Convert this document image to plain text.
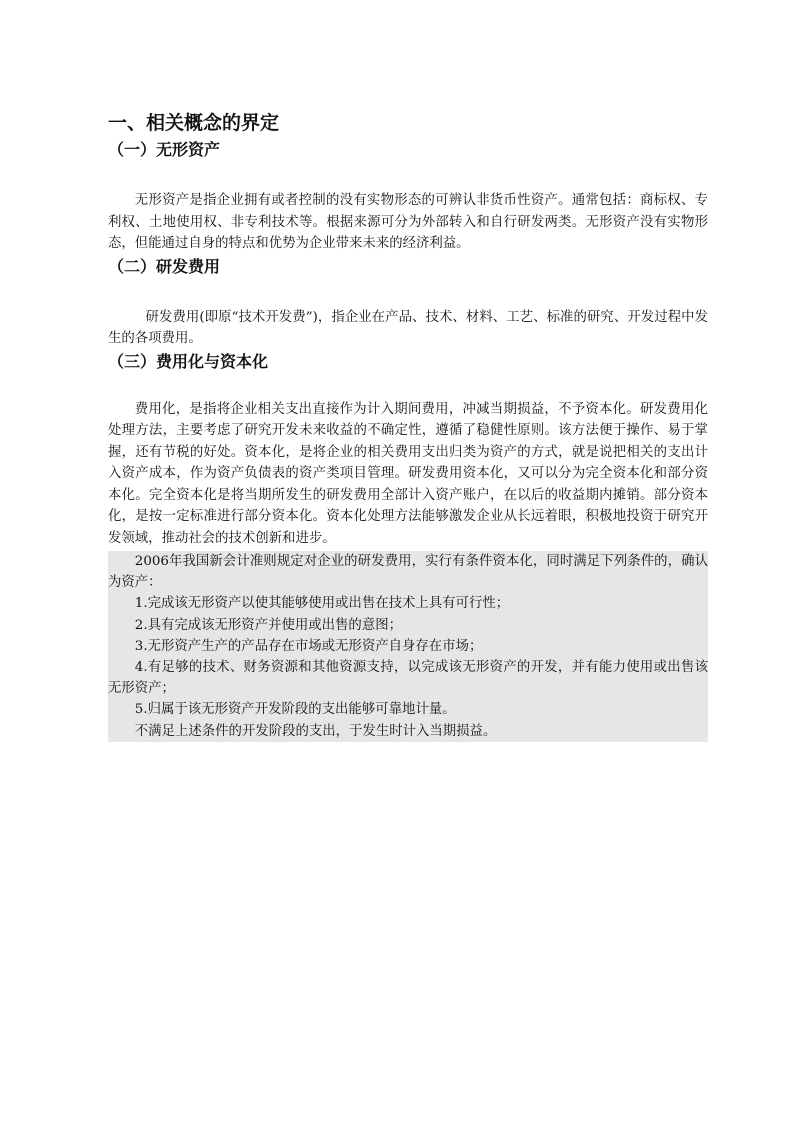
一、相关概念的界定
（一）无形资产

无形资产是指企业拥有或者控制的没有实物形态的可辨认非货币性资产。通常包括：商标权、专利权、土地使用权、非专利技术等。根据来源可分为外部转入和自行研发两类。无形资产没有实物形态，但能通过自身的特点和优势为企业带来未来的经济利益。

（二）研发费用

研发费用(即原“技术开发费”)，指企业在产品、技术、材料、工艺、标准的研究、开发过程中发生的各项费用。

（三）费用化与资本化

费用化，是指将企业相关支出直接作为计入期间费用，冲减当期损益，不予资本化。研发费用化处理方法，主要考虑了研究开发未来收益的不确定性，遵循了稳健性原则。该方法便于操作、易于掌握，还有节税的好处。资本化，是将企业的相关费用支出归类为资产的方式，就是说把相关的支出计入资产成本，作为资产负债表的资产类项目管理。研发费用资本化，又可以分为完全资本化和部分资本化。完全资本化是将当期所发生的研发费用全部计入资产账户，在以后的收益期内摊销。部分资本化，是按一定标准进行部分资本化。资本化处理方法能够激发企业从长远着眼，积极地投资于研究开发领域，推动社会的技术创新和进步。

2006年我国新会计准则规定对企业的研发费用，实行有条件资本化，同时满足下列条件的，确认为资产：

1.完成该无形资产以使其能够使用或出售在技术上具有可行性；

2.具有完成该无形资产并使用或出售的意图；

3.无形资产生产的产品存在市场或无形资产自身存在市场；

4.有足够的技术、财务资源和其他资源支持，以完成该无形资产的开发，并有能力使用或出售该无形资产；

5.归属于该无形资产开发阶段的支出能够可靠地计量。

不满足上述条件的开发阶段的支出，于发生时计入当期损益。
